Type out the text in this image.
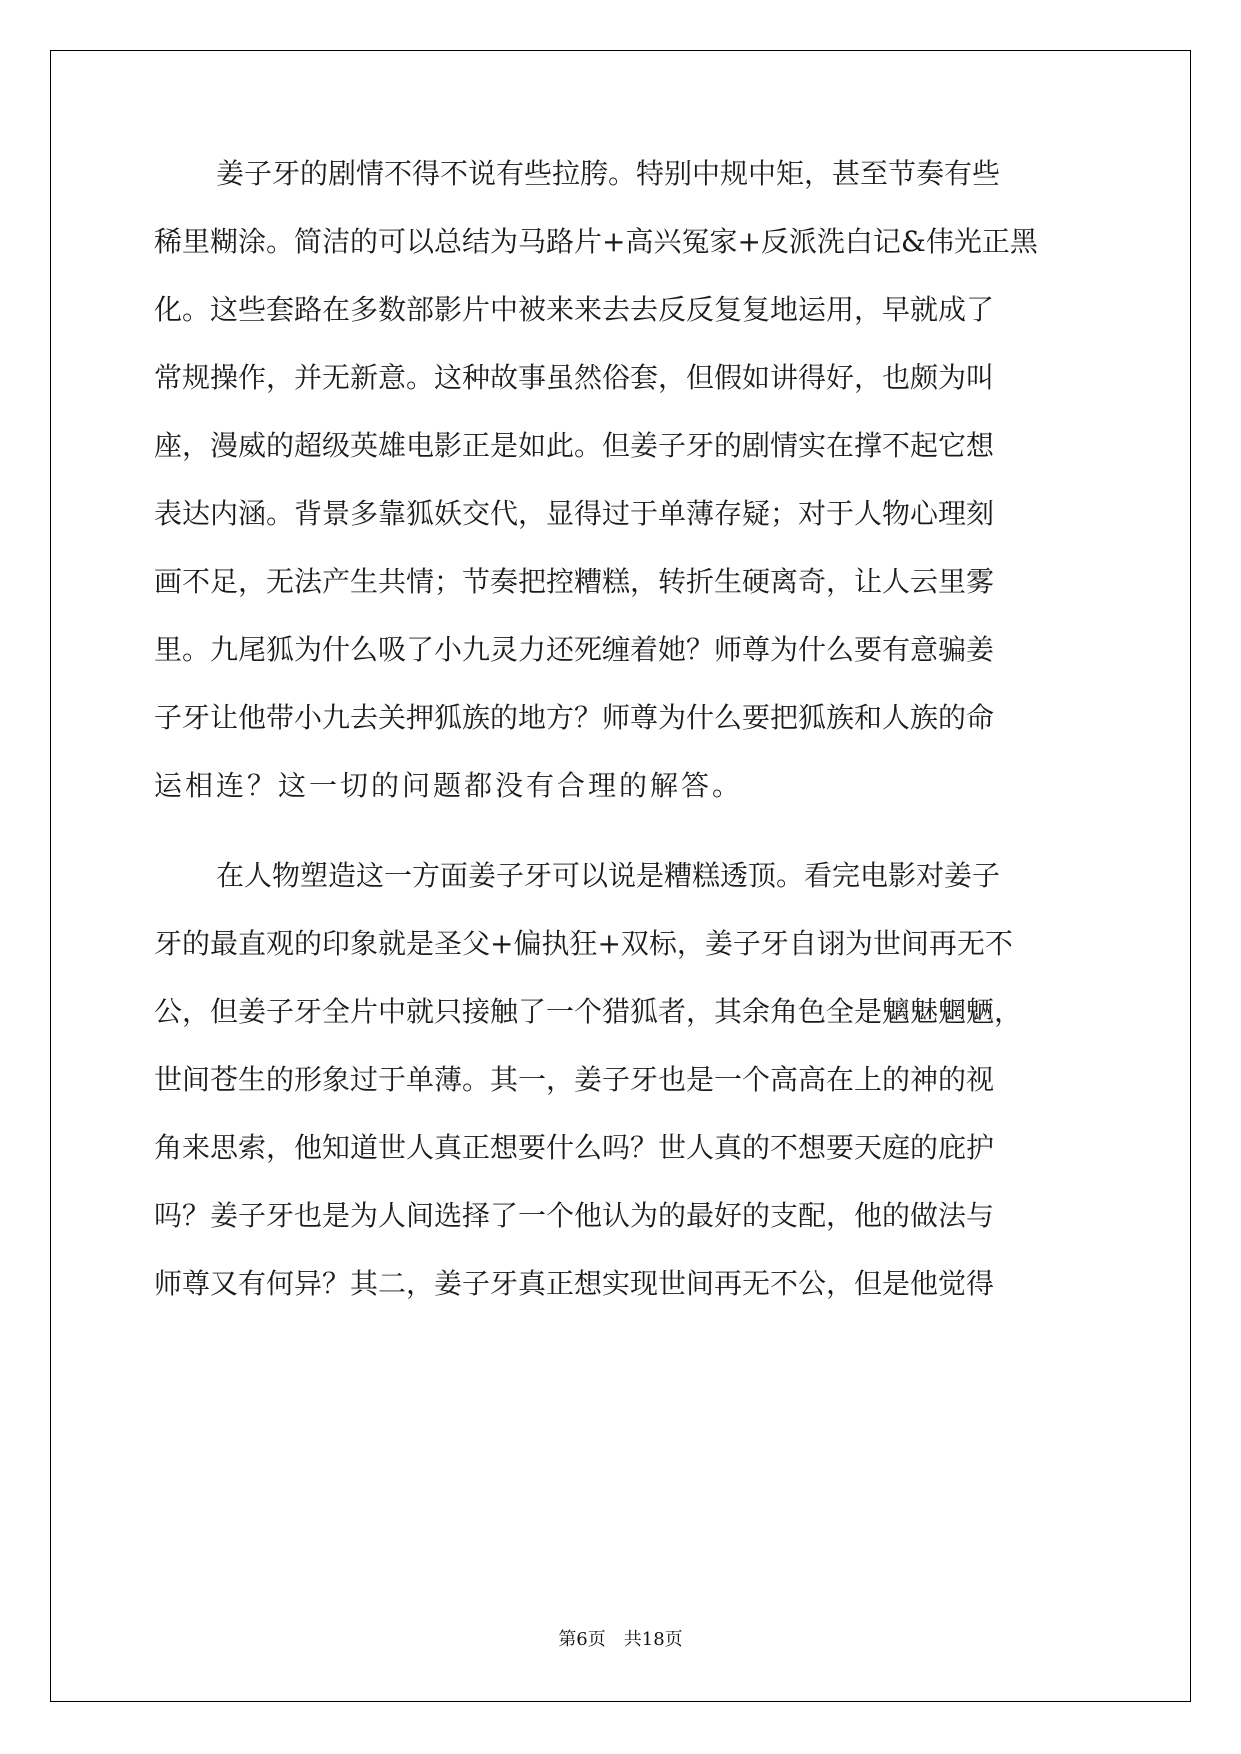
姜子牙的剧情不得不说有些拉胯。特别中规中矩，甚至节奏有些
稀里糊涂。简洁的可以总结为马路片+高兴冤家+反派洗白记&伟光正黑
化。这些套路在多数部影片中被来来去去反反复复地运用，早就成了
常规操作，并无新意。这种故事虽然俗套，但假如讲得好，也颇为叫
座，漫威的超级英雄电影正是如此。但姜子牙的剧情实在撑不起它想
表达内涵。背景多靠狐妖交代，显得过于单薄存疑；对于人物心理刻
画不足，无法产生共情；节奏把控糟糕，转折生硬离奇，让人云里雾
里。九尾狐为什么吸了小九灵力还死缠着她？师尊为什么要有意骗姜
子牙让他带小九去关押狐族的地方？师尊为什么要把狐族和人族的命
运相连？这一切的问题都没有合理的解答。
在人物塑造这一方面姜子牙可以说是糟糕透顶。看完电影对姜子
牙的最直观的印象就是圣父+偏执狂+双标，姜子牙自诩为世间再无不
公，但姜子牙全片中就只接触了一个猎狐者，其余角色全是魑魅魍魉，
世间苍生的形象过于单薄。其一，姜子牙也是一个高高在上的神的视
角来思索，他知道世人真正想要什么吗？世人真的不想要天庭的庇护
吗？姜子牙也是为人间选择了一个他认为的最好的支配，他的做法与
师尊又有何异？其二，姜子牙真正想实现世间再无不公，但是他觉得
第6页　共18页
